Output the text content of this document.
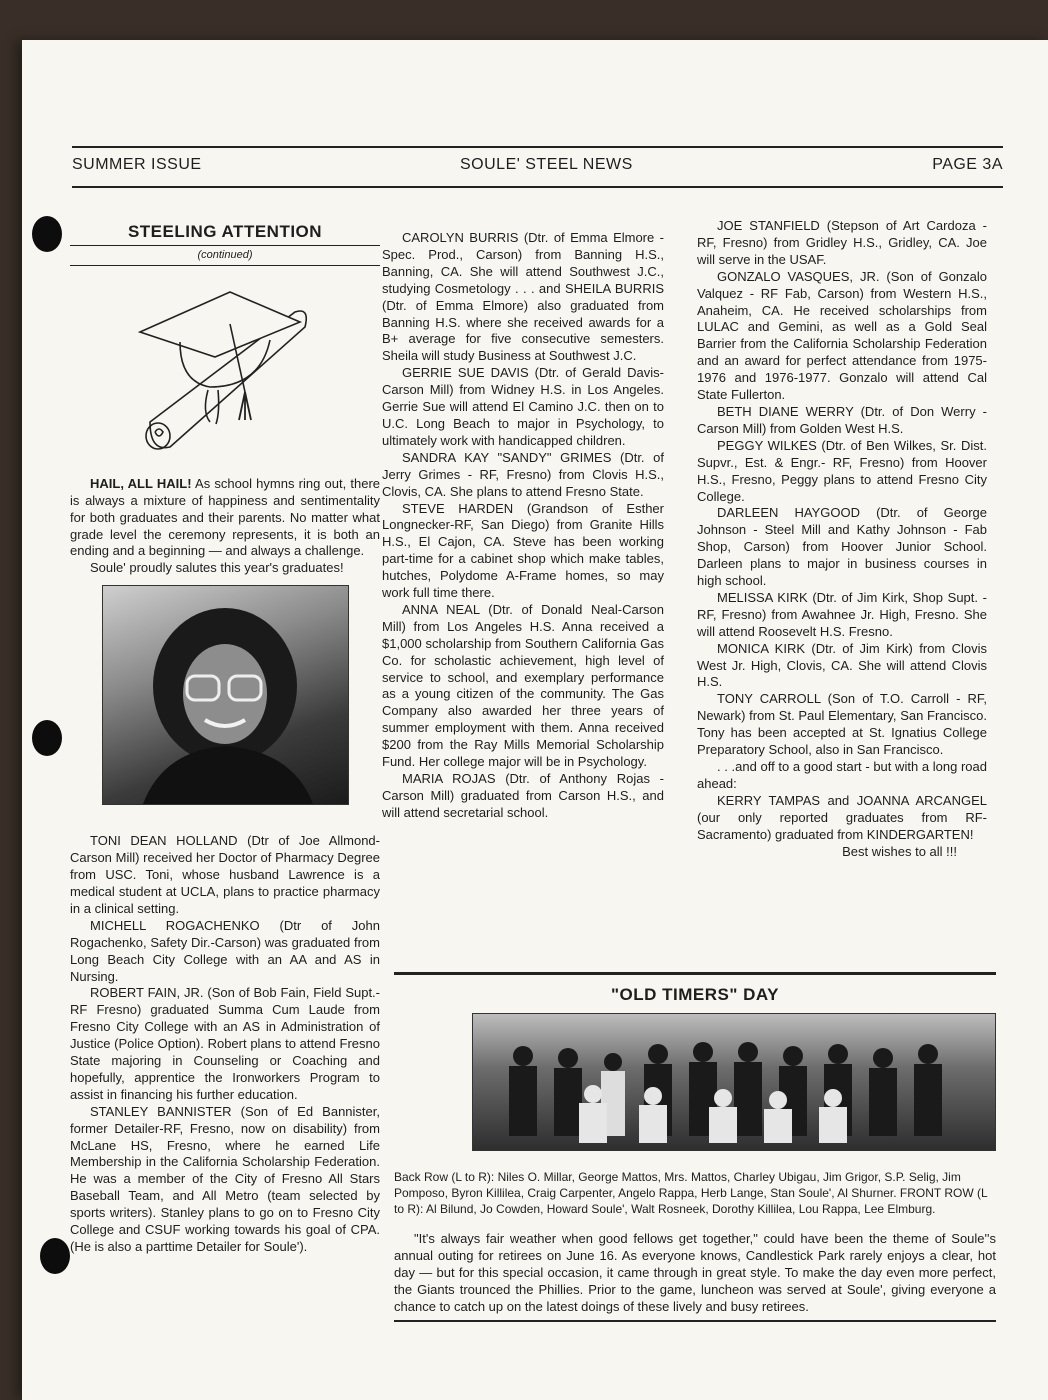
SUMMER ISSUE	SOULE' STEEL NEWS	PAGE 3A
STEELING ATTENTION
(continued)

HAIL, ALL HAIL! As school hymns ring out, there is always a mixture of happiness and sentimentality for both graduates and their parents. No matter what grade level the ceremony represents, it is both an ending and a beginning — and always a challenge.

Soule' proudly salutes this year's graduates!

TONI DEAN HOLLAND (Dtr of Joe Allmond-Carson Mill) received her Doctor of Pharmacy Degree from USC. Toni, whose husband Lawrence is a medical student at UCLA, plans to practice pharmacy in a clinical setting.

MICHELL ROGACHENKO (Dtr of John Rogachenko, Safety Dir.-Carson) was graduated from Long Beach City College with an AA and AS in Nursing.

ROBERT FAIN, JR. (Son of Bob Fain, Field Supt.-RF Fresno) graduated Summa Cum Laude from Fresno City College with an AS in Administration of Justice (Police Option). Robert plans to attend Fresno State majoring in Counseling or Coaching and hopefully, apprentice the Ironworkers Program to assist in financing his further education.

STANLEY BANNISTER (Son of Ed Bannister, former Detailer-RF, Fresno, now on disability) from McLane HS, Fresno, where he earned Life Membership in the California Scholarship Federation. He was a member of the City of Fresno All Stars Baseball Team, and All Metro (team selected by sports writers). Stanley plans to go on to Fresno City College and CSUF working towards his goal of CPA. (He is also a parttime Detailer for Soule').

CAROLYN BURRIS (Dtr. of Emma Elmore - Spec. Prod., Carson) from Banning H.S., Banning, CA. She will attend Southwest J.C., studying Cosmetology . . . and SHEILA BURRIS (Dtr. of Emma Elmore) also graduated from Banning H.S. where she received awards for a B+ average for five consecutive semesters. Sheila will study Business at Southwest J.C.

GERRIE SUE DAVIS (Dtr. of Gerald Davis-Carson Mill) from Widney H.S. in Los Angeles. Gerrie Sue will attend El Camino J.C. then on to U.C. Long Beach to major in Psychology, to ultimately work with handicapped children.

SANDRA KAY "SANDY" GRIMES (Dtr. of Jerry Grimes - RF, Fresno) from Clovis H.S., Clovis, CA. She plans to attend Fresno State.

STEVE HARDEN (Grandson of Esther Longnecker-RF, San Diego) from Granite Hills H.S., El Cajon, CA. Steve has been working part-time for a cabinet shop which make tables, hutches, Polydome A-Frame homes, so may work full time there.

ANNA NEAL (Dtr. of Donald Neal-Carson Mill) from Los Angeles H.S. Anna received a $1,000 scholarship from Southern California Gas Co. for scholastic achievement, high level of service to school, and exemplary performance as a young citizen of the community. The Gas Company also awarded her three years of summer employment with them. Anna received $200 from the Ray Mills Memorial Scholarship Fund. Her college major will be in Psychology.

MARIA ROJAS (Dtr. of Anthony Rojas - Carson Mill) graduated from Carson H.S., and will attend secretarial school.

JOE STANFIELD (Stepson of Art Cardoza - RF, Fresno) from Gridley H.S., Gridley, CA. Joe will serve in the USAF.

GONZALO VASQUES, JR. (Son of Gonzalo Valquez - RF Fab, Carson) from Western H.S., Anaheim, CA. He received scholarships from LULAC and Gemini, as well as a Gold Seal Barrier from the California Scholarship Federation and an award for perfect attendance from 1975-1976 and 1976-1977. Gonzalo will attend Cal State Fullerton.

BETH DIANE WERRY (Dtr. of Don Werry - Carson Mill) from Golden West H.S.

PEGGY WILKES (Dtr. of Ben Wilkes, Sr. Dist. Supvr., Est. & Engr.- RF, Fresno) from Hoover H.S., Fresno, Peggy plans to attend Fresno City College.

DARLEEN HAYGOOD (Dtr. of George Johnson - Steel Mill and Kathy Johnson - Fab Shop, Carson) from Hoover Junior School. Darleen plans to major in business courses in high school.

MELISSA KIRK (Dtr. of Jim Kirk, Shop Supt. -RF, Fresno) from Awahnee Jr. High, Fresno. She will attend Roosevelt H.S. Fresno.

MONICA KIRK (Dtr. of Jim Kirk) from Clovis West Jr. High, Clovis, CA. She will attend Clovis H.S.

TONY CARROLL (Son of T.O. Carroll - RF, Newark) from St. Paul Elementary, San Francisco. Tony has been accepted at St. Ignatius College Preparatory School, also in San Francisco.

. . .and off to a good start - but with a long road ahead:

KERRY TAMPAS and JOANNA ARCANGEL (our only reported graduates from RF-Sacramento) graduated from KINDERGARTEN!

Best wishes to all !!!

"OLD TIMERS" DAY
Back Row (L to R): Niles O. Millar, George Mattos, Mrs. Mattos, Charley Ubigau, Jim Grigor, S.P. Selig, Jim Pomposo, Byron Killilea, Craig Carpenter, Angelo Rappa, Herb Lange, Stan Soule', Al Shurner. FRONT ROW (L to R): Al Bilund, Jo Cowden, Howard Soule', Walt Rosneek, Dorothy Killilea, Lou Rappa, Lee Elmburg.

"It's always fair weather when good fellows get together," could have been the theme of Soule''s annual outing for retirees on June 16. As everyone knows, Candlestick Park rarely enjoys a clear, hot day — but for this special occasion, it came through in great style. To make the day even more perfect, the Giants trounced the Phillies. Prior to the game, luncheon was served at Soule', giving everyone a chance to catch up on the latest doings of these lively and busy retirees.
